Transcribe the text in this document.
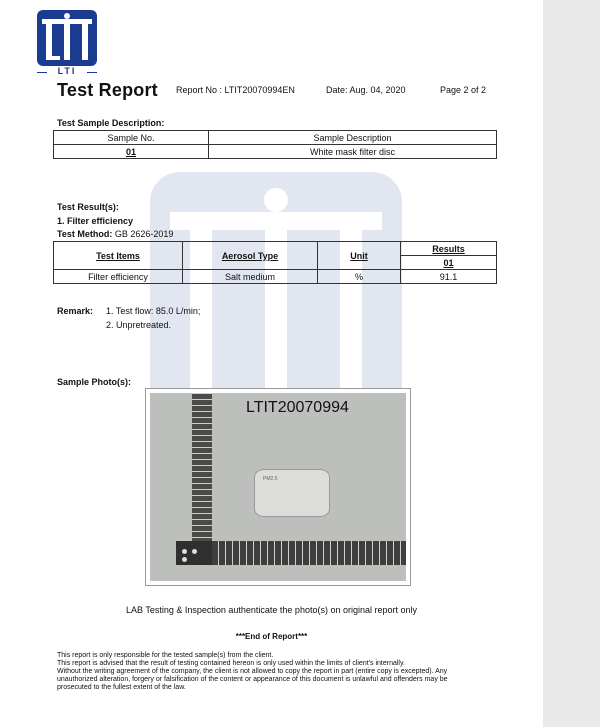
LTI
Test Report Report No : LTIT20070994EN	Date: Aug. 04, 2020	Page 2 of 2
Test Sample Description:
Sample No.	Sample Description
01	White mask filter disc
Test Result(s):
1. Filter efficiency
Test Method: GB 2626-2019
Test Items	Aerosol Type	Unit	Results
			01
Filter efficiency	Salt medium	%	91.1
Remark: 1. Test flow: 85.0 L/min;
2. Unpretreated.
Sample Photo(s):
PM2.5
LTIT20070994
LAB Testing & Inspection authenticate the photo(s) on original report only
***End of Report***
This report is only responsible for the tested sample(s) from the client.
This report is advised that the result of testing contained hereon is only used within the limits of client's internally.
Without the writing agreement of the company, the client is not allowed to copy the report in part (entire copy is excepted). Any unauthorized alteration, forgery or falsification of the content or appearance of this document is unlawful and offenders may be prosecuted to the fullest extent of the law.
